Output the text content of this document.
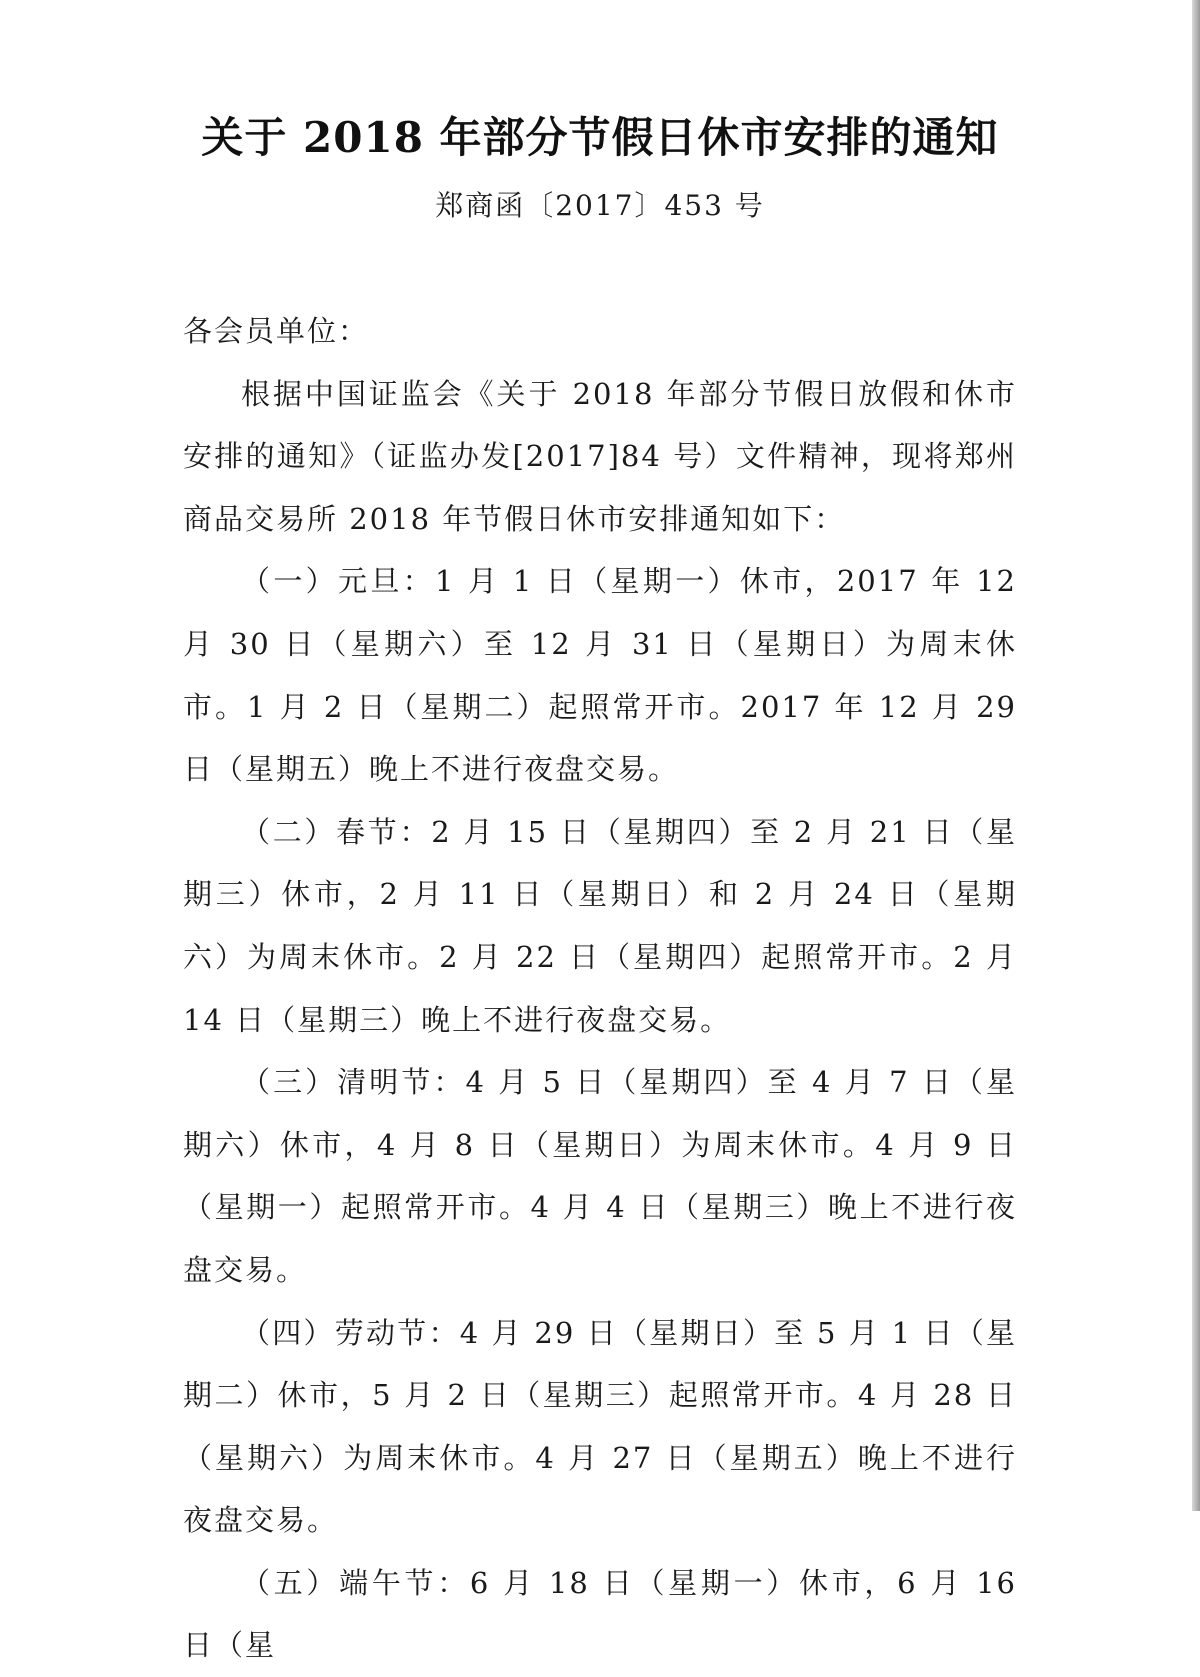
关于 2018 年部分节假日休市安排的通知
郑商函〔2017〕453 号

各会员单位：

根据中国证监会《关于 2018 年部分节假日放假和休市安排的通知》（证监办发[2017]84 号）文件精神，现将郑州商品交易所 2018 年节假日休市安排通知如下：

（一）元旦：1 月 1 日（星期一）休市，2017 年 12 月 30 日（星期六）至 12 月 31 日（星期日）为周末休市。1 月 2 日（星期二）起照常开市。2017 年 12 月 29 日（星期五）晚上不进行夜盘交易。

（二）春节：2 月 15 日（星期四）至 2 月 21 日（星期三）休市，2 月 11 日（星期日）和 2 月 24 日（星期六）为周末休市。2 月 22 日（星期四）起照常开市。2 月 14 日（星期三）晚上不进行夜盘交易。

（三）清明节：4 月 5 日（星期四）至 4 月 7 日（星期六）休市，4 月 8 日（星期日）为周末休市。4 月 9 日（星期一）起照常开市。4 月 4 日（星期三）晚上不进行夜盘交易。

（四）劳动节：4 月 29 日（星期日）至 5 月 1 日（星期二）休市，5 月 2 日（星期三）起照常开市。4 月 28 日（星期六）为周末休市。4 月 27 日（星期五）晚上不进行夜盘交易。

（五）端午节：6 月 18 日（星期一）休市，6 月 16 日（星
